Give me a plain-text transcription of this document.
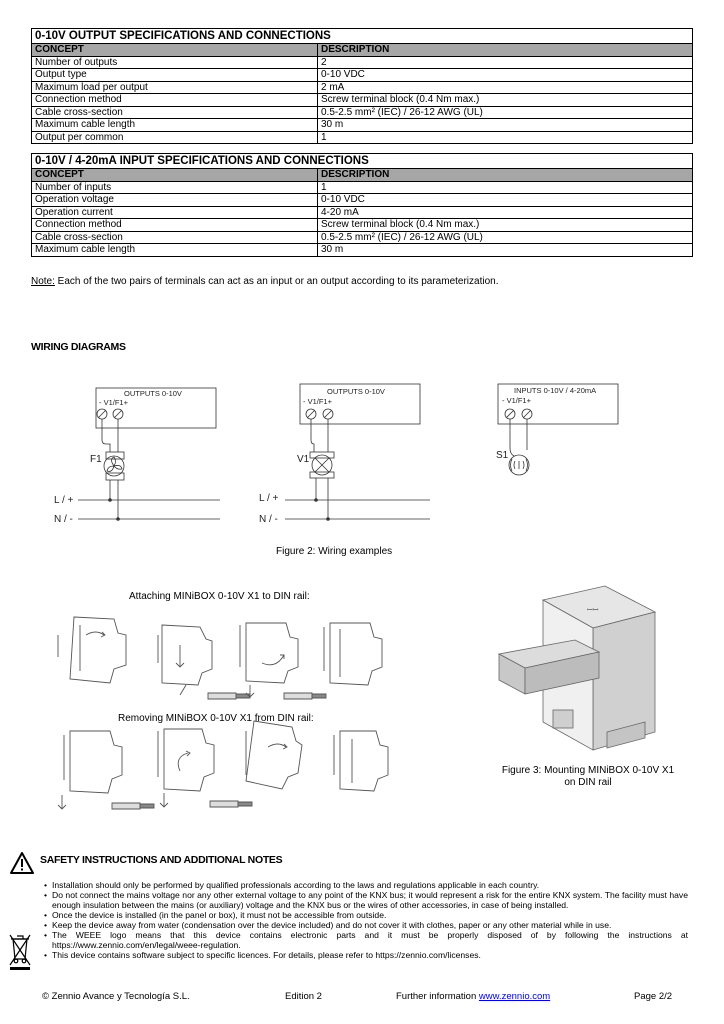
0-10V OUTPUT SPECIFICATIONS AND CONNECTIONS	
CONCEPT	DESCRIPTION
Number of outputs	2
Output type	0-10 VDC
Maximum load per output	2 mA
Connection method	Screw terminal block (0.4 Nm max.)
Cable cross-section	0.5-2.5 mm² (IEC) / 26-12 AWG (UL)
Maximum cable length	30 m
Output per common	1
0-10V / 4-20mA INPUT SPECIFICATIONS AND CONNECTIONS	
CONCEPT	DESCRIPTION
Number of inputs	1
Operation voltage	0-10 VDC
Operation current	4-20 mA
Connection method	Screw terminal block (0.4 Nm max.)
Cable cross-section	0.5-2.5 mm² (IEC) / 26-12 AWG (UL)
Maximum cable length	30 m
Note: Each of the two pairs of terminals can act as an input or an output according to its parameterization.
WIRING DIAGRAMS
OUTPUTS 0-10V
- V1/F1+
OUTPUTS 0-10V
- V1/F1+
INPUTS 0-10V / 4-20mA
- V1/F1+
F1
L / +
N / -
V1
L / +
N / -
S1
Figure 2: Wiring examples
Attaching MINiBOX 0-10V X1 to DIN rail:
Removing MINiBOX 0-10V X1 from DIN rail:
ꟷꟷ
Figure 3: Mounting MINiBOX 0-10V X1
on DIN rail
SAFETY INSTRUCTIONS AND ADDITIONAL NOTES
• Installation should only be performed by qualified professionals according to the laws and regulations applicable in each country.
• Do not connect the mains voltage nor any other external voltage to any point of the KNX bus; it would represent a risk for the entire KNX system. The facility must have enough insulation between the mains (or auxiliary) voltage and the KNX bus or the wires of other accessories, in case of being installed.
• Once the device is installed (in the panel or box), it must not be accessible from outside.
• Keep the device away from water (condensation over the device included) and do not cover it with clothes, paper or any other material while in use.
• The WEEE logo means that this device contains electronic parts and it must be properly disposed of by following the instructions at https://www.zennio.com/en/legal/weee-regulation.
• This device contains software subject to specific licences. For details, please refer to https://zennio.com/licenses.
© Zennio Avance y Tecnología S.L.	Edition 2	Further information www.zennio.com	Page 2/2
